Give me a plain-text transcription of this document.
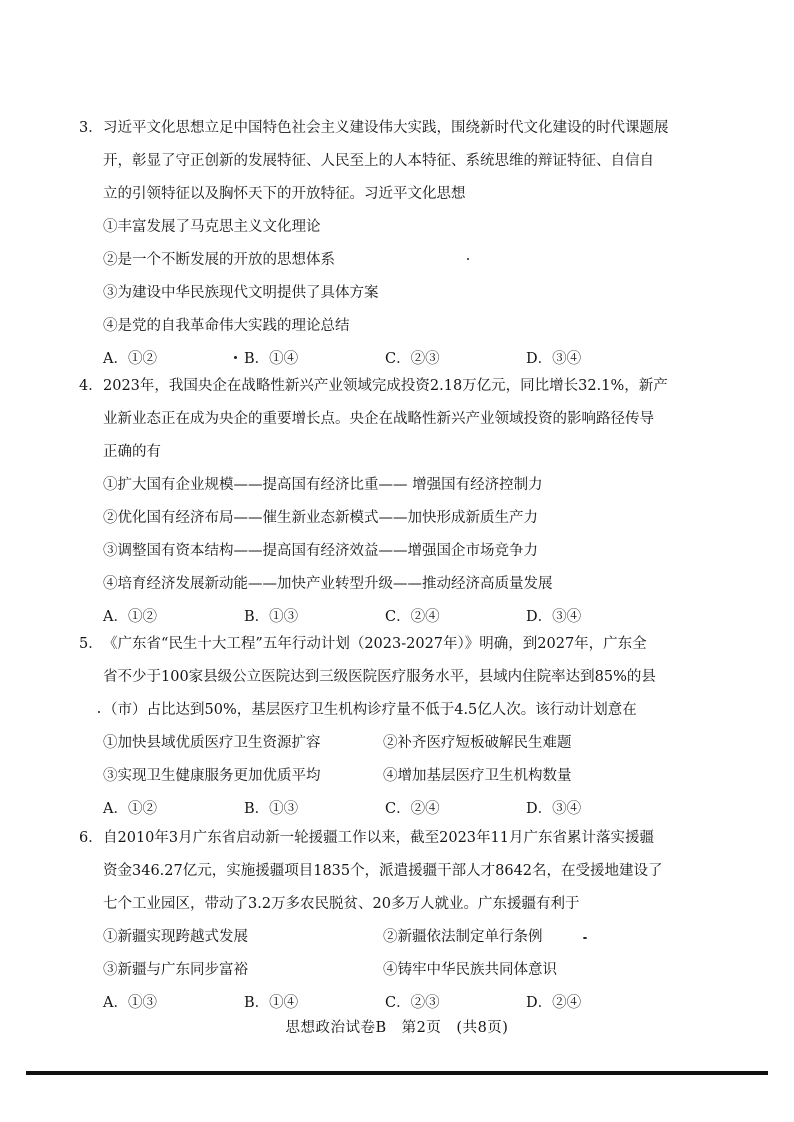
3．习近平文化思想立足中国特色社会主义建设伟大实践，围绕新时代文化建设的时代课题展

开，彰显了守正创新的发展特征、人民至上的人本特征、系统思维的辩证特征、自信自

立的引领特征以及胸怀天下的开放特征。习近平文化思想

①丰富发展了马克思主义文化理论

②是一个不断发展的开放的思想体系

③为建设中华民族现代文明提供了具体方案

④是党的自我革命伟大实践的理论总结

A．①②	B．①④	C．②③	D．③④

4．2023年，我国央企在战略性新兴产业领域完成投资2.18万亿元，同比增长32.1%，新产

业新业态正在成为央企的重要增长点。央企在战略性新兴产业领域投资的影响路径传导

正确的有

①扩大国有企业规模——提高国有经济比重—— 增强国有经济控制力

②优化国有经济布局——催生新业态新模式——加快形成新质生产力

③调整国有资本结构——提高国有经济效益——增强国企市场竞争力

④培育经济发展新动能——加快产业转型升级——推动经济高质量发展

A．①②	B．①③	C．②④	D．③④

5．《广东省“民生十大工程”五年行动计划（2023-2027年）》明确，到2027年，广东全

省不少于100家县级公立医院达到三级医院医疗服务水平，县域内住院率达到85%的县

（市）占比达到50%，基层医疗卫生机构诊疗量不低于4.5亿人次。该行动计划意在

①加快县域优质医疗卫生资源扩容	②补齐医疗短板破解民生难题
③实现卫生健康服务更加优质平均	④增加基层医疗卫生机构数量
A．①②	B．①③	C．②④	D．③④

6．自2010年3月广东省启动新一轮援疆工作以来，截至2023年11月广东省累计落实援疆

资金346.27亿元，实施援疆项目1835个，派遣援疆干部人才8642名，在受援地建设了

七个工业园区，带动了3.2万多农民脱贫、20多万人就业。广东援疆有利于

①新疆实现跨越式发展	②新疆依法制定单行条例
③新疆与广东同步富裕	④铸牢中华民族共同体意识
A．①③	B．①④	C．②③	D．②④
思想政治试卷B　第2页　(共8页)
